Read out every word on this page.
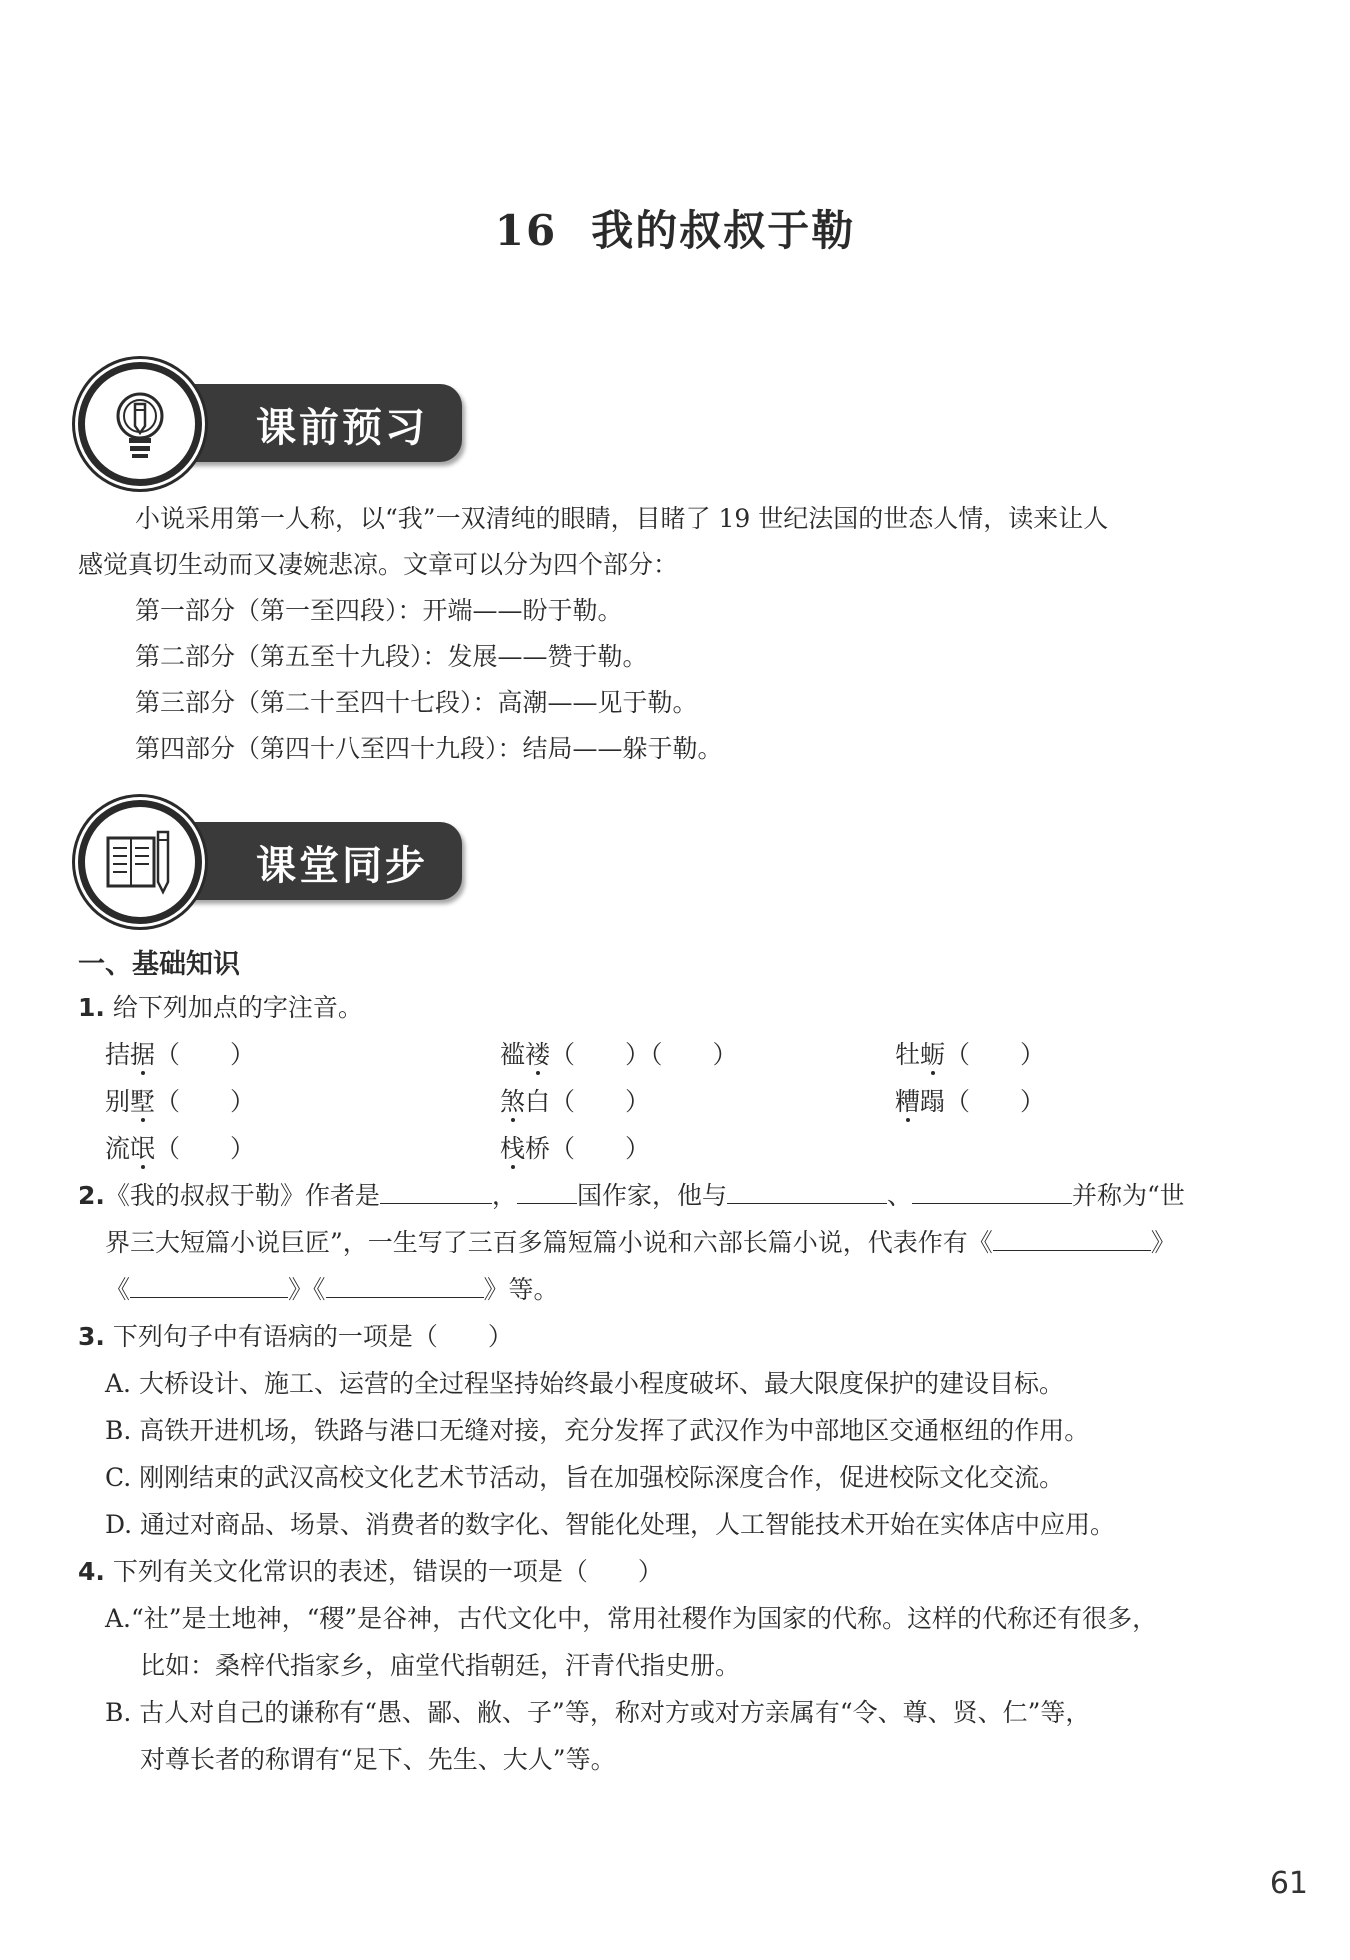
16 我的叔叔于勒
课前预习
小说采用第一人称，以“我”一双清纯的眼睛，目睹了 19 世纪法国的世态人情，读来让人
感觉真切生动而又凄婉悲凉。文章可以分为四个部分：
第一部分（第一至四段）：开端——盼于勒。
第二部分（第五至十九段）：发展——赞于勒。
第三部分（第二十至四十七段）：高潮——见于勒。
第四部分（第四十八至四十九段）：结局——躲于勒。
课堂同步
一、基础知识
1. 给下列加点的字注音。
拮据（　　）	褴褛（　　）（　　）	牡蛎（　　）
别墅（　　）	煞白（　　）	糟蹋（　　）
流氓（　　）	栈桥（　　）
2.《我的叔叔于勒》作者是	， 国作家，他与	、	并称为“世
界三大短篇小说巨匠”，一生写了三百多篇短篇小说和六部长篇小说，代表作有《	》
《	》《	》等。
3. 下列句子中有语病的一项是（　　）
A. 大桥设计、施工、运营的全过程坚持始终最小程度破坏、最大限度保护的建设目标。
B. 高铁开进机场，铁路与港口无缝对接，充分发挥了武汉作为中部地区交通枢纽的作用。
C. 刚刚结束的武汉高校文化艺术节活动，旨在加强校际深度合作，促进校际文化交流。
D. 通过对商品、场景、消费者的数字化、智能化处理，人工智能技术开始在实体店中应用。
4. 下列有关文化常识的表述，错误的一项是（　　）
A.“社”是土地神，“稷”是谷神，古代文化中，常用社稷作为国家的代称。这样的代称还有很多，
比如：桑梓代指家乡，庙堂代指朝廷，汗青代指史册。
B. 古人对自己的谦称有“愚、鄙、敝、子”等，称对方或对方亲属有“令、尊、贤、仁”等，
对尊长者的称谓有“足下、先生、大人”等。
61
